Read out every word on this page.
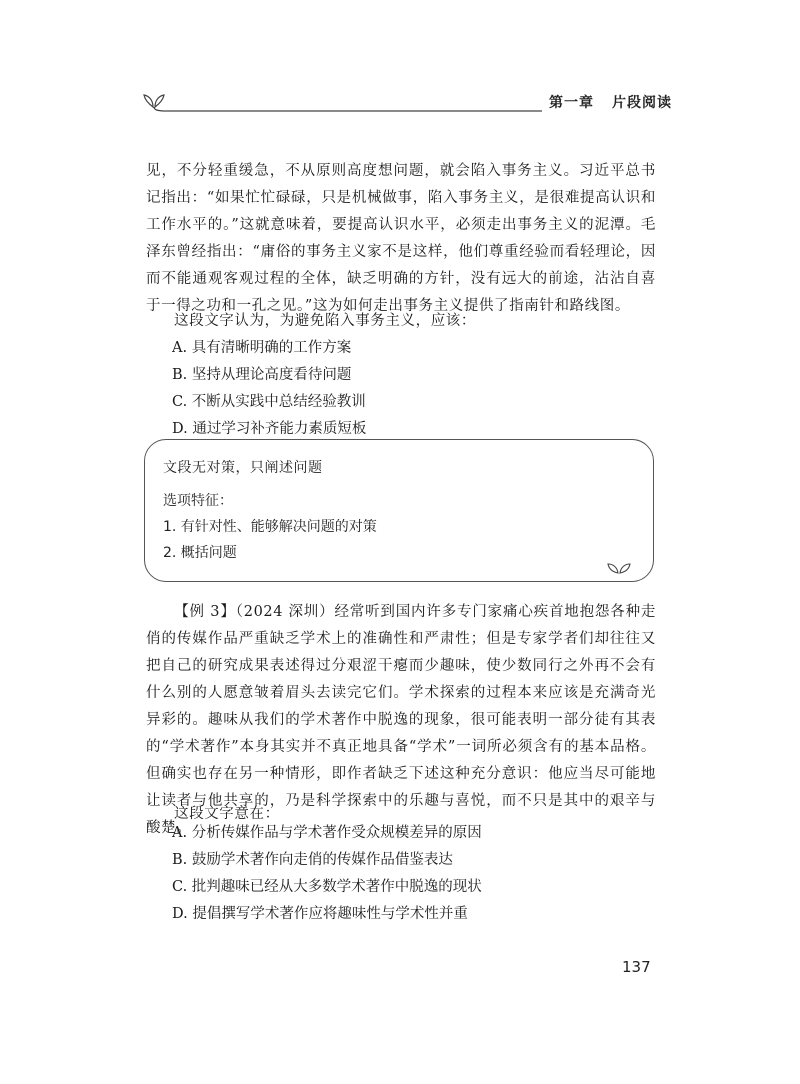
第一章 片段阅读

见，不分轻重缓急，不从原则高度想问题，就会陷入事务主义。习近平总书记指出：“如果忙忙碌碌，只是机械做事，陷入事务主义，是很难提高认识和工作水平的。”这就意味着，要提高认识水平，必须走出事务主义的泥潭。毛泽东曾经指出：“庸俗的事务主义家不是这样，他们尊重经验而看轻理论，因而不能通观客观过程的全体，缺乏明确的方针，没有远大的前途，沾沾自喜于一得之功和一孔之见。”这为如何走出事务主义提供了指南针和路线图。

这段文字认为，为避免陷入事务主义，应该：

A. 具有清晰明确的工作方案
B. 坚持从理论高度看待问题
C. 不断从实践中总结经验教训
D. 通过学习补齐能力素质短板
文段无对策，只阐述问题
选项特征：
1. 有针对性、能够解决问题的对策
2. 概括问题

【例 3】（2024 深圳）经常听到国内许多专门家痛心疾首地抱怨各种走俏的传媒作品严重缺乏学术上的准确性和严肃性；但是专家学者们却往往又把自己的研究成果表述得过分艰涩干瘪而少趣味，使少数同行之外再不会有什么别的人愿意皱着眉头去读完它们。学术探索的过程本来应该是充满奇光异彩的。趣味从我们的学术著作中脱逸的现象，很可能表明一部分徒有其表的“学术著作”本身其实并不真正地具备“学术”一词所必须含有的基本品格。但确实也存在另一种情形，即作者缺乏下述这种充分意识：他应当尽可能地让读者与他共享的，乃是科学探索中的乐趣与喜悦，而不只是其中的艰辛与酸楚。

这段文字意在：

A. 分析传媒作品与学术著作受众规模差异的原因
B. 鼓励学术著作向走俏的传媒作品借鉴表达
C. 批判趣味已经从大多数学术著作中脱逸的现状
D. 提倡撰写学术著作应将趣味性与学术性并重
137
